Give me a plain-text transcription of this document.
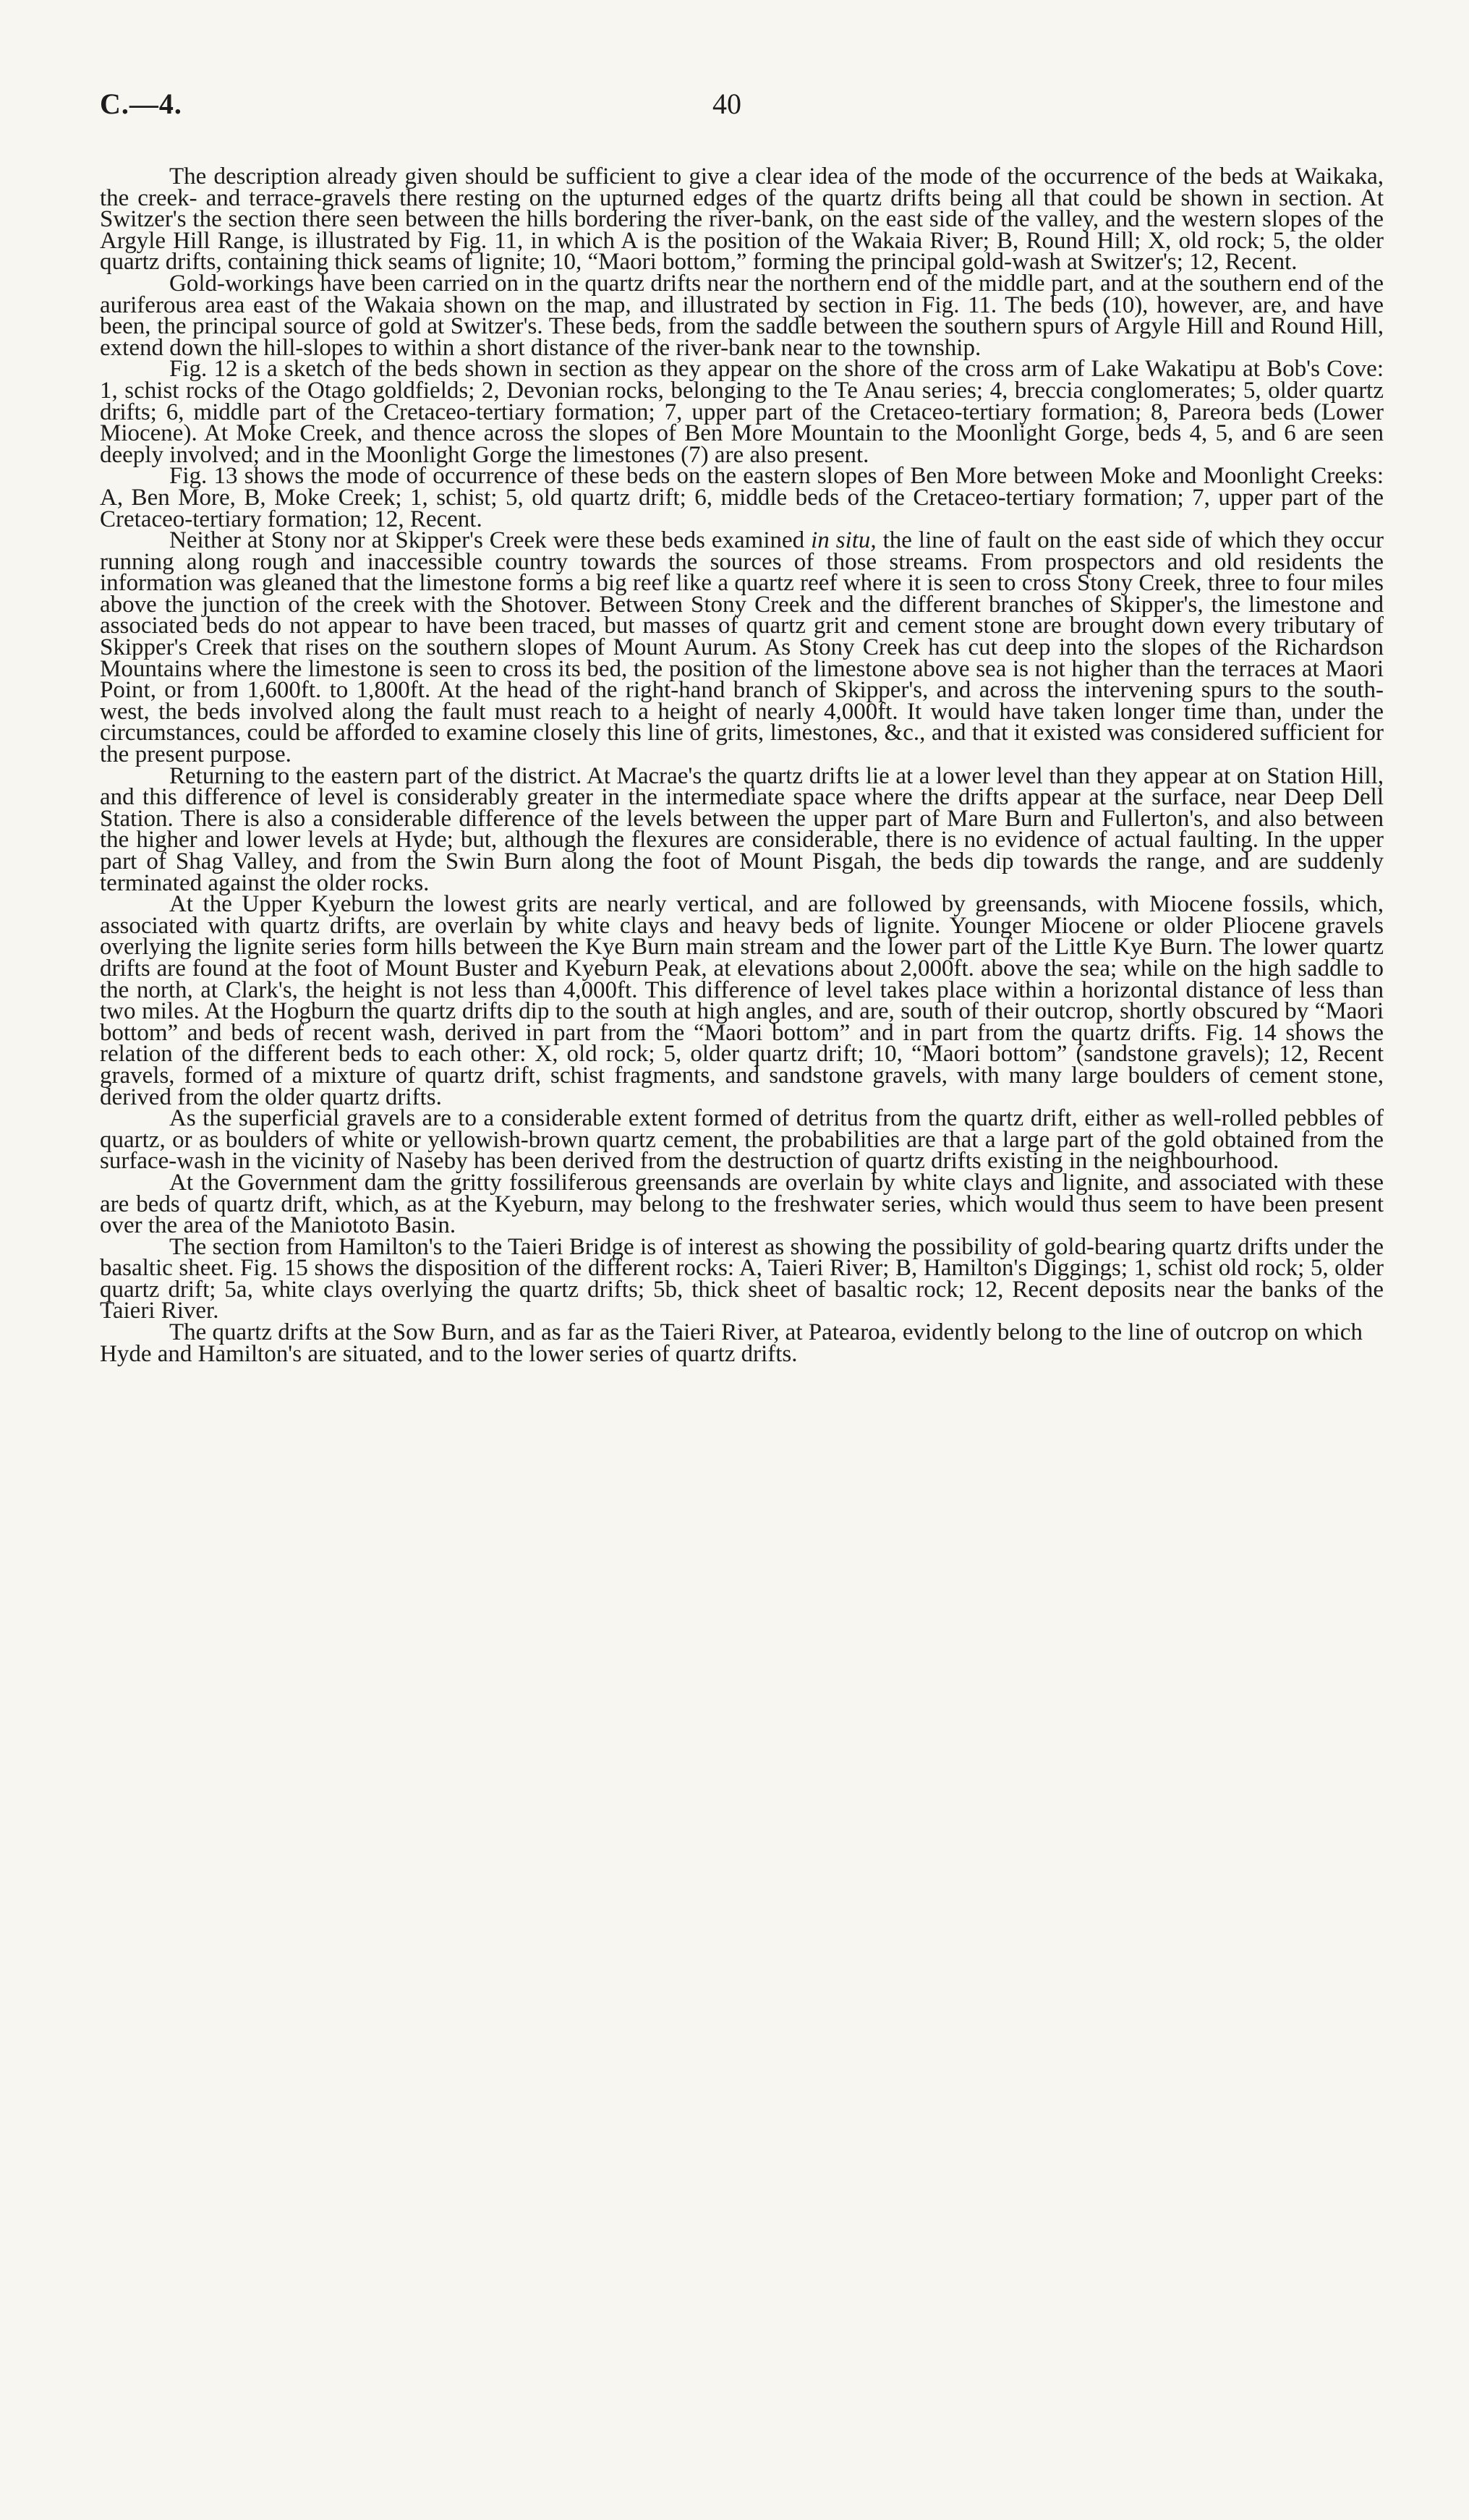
C.—4.	40

The description already given should be sufficient to give a clear idea of the mode of the occurrence of the beds at Waikaka, the creek- and terrace-gravels there resting on the upturned edges of the quartz drifts being all that could be shown in section. At Switzer's the section there seen between the hills bordering the river-bank, on the east side of the valley, and the western slopes of the Argyle Hill Range, is illustrated by Fig. 11, in which A is the position of the Wakaia River; B, Round Hill; X, old rock; 5, the older quartz drifts, containing thick seams of lignite; 10, “Maori bottom,” forming the principal gold-wash at Switzer's; 12, Recent.

Gold-workings have been carried on in the quartz drifts near the northern end of the middle part, and at the southern end of the auriferous area east of the Wakaia shown on the map, and illustrated by section in Fig. 11. The beds (10), however, are, and have been, the principal source of gold at Switzer's. These beds, from the saddle between the southern spurs of Argyle Hill and Round Hill, extend down the hill-slopes to within a short distance of the river-bank near to the township.

Fig. 12 is a sketch of the beds shown in section as they appear on the shore of the cross arm of Lake Wakatipu at Bob's Cove: 1, schist rocks of the Otago goldfields; 2, Devonian rocks, belonging to the Te Anau series; 4, breccia conglomerates; 5, older quartz drifts; 6, middle part of the Cretaceo-tertiary formation; 7, upper part of the Cretaceo-tertiary formation; 8, Pareora beds (Lower Miocene). At Moke Creek, and thence across the slopes of Ben More Mountain to the Moonlight Gorge, beds 4, 5, and 6 are seen deeply involved; and in the Moonlight Gorge the limestones (7) are also present.

Fig. 13 shows the mode of occurrence of these beds on the eastern slopes of Ben More between Moke and Moonlight Creeks: A, Ben More, B, Moke Creek; 1, schist; 5, old quartz drift; 6, middle beds of the Cretaceo-tertiary formation; 7, upper part of the Cretaceo-tertiary formation; 12, Recent.

Neither at Stony nor at Skipper's Creek were these beds examined in situ, the line of fault on the east side of which they occur running along rough and inaccessible country towards the sources of those streams. From prospectors and old residents the information was gleaned that the limestone forms a big reef like a quartz reef where it is seen to cross Stony Creek, three to four miles above the junction of the creek with the Shotover. Between Stony Creek and the different branches of Skipper's, the limestone and associated beds do not appear to have been traced, but masses of quartz grit and cement stone are brought down every tributary of Skipper's Creek that rises on the southern slopes of Mount Aurum. As Stony Creek has cut deep into the slopes of the Richardson Mountains where the limestone is seen to cross its bed, the position of the limestone above sea is not higher than the terraces at Maori Point, or from 1,600ft. to 1,800ft. At the head of the right-hand branch of Skipper's, and across the intervening spurs to the south-west, the beds involved along the fault must reach to a height of nearly 4,000ft. It would have taken longer time than, under the circumstances, could be afforded to examine closely this line of grits, limestones, &c., and that it existed was considered sufficient for the present purpose.

Returning to the eastern part of the district. At Macrae's the quartz drifts lie at a lower level than they appear at on Station Hill, and this difference of level is considerably greater in the intermediate space where the drifts appear at the surface, near Deep Dell Station. There is also a considerable difference of the levels between the upper part of Mare Burn and Fullerton's, and also between the higher and lower levels at Hyde; but, although the flexures are considerable, there is no evidence of actual faulting. In the upper part of Shag Valley, and from the Swin Burn along the foot of Mount Pisgah, the beds dip towards the range, and are suddenly terminated against the older rocks.

At the Upper Kyeburn the lowest grits are nearly vertical, and are followed by greensands, with Miocene fossils, which, associated with quartz drifts, are overlain by white clays and heavy beds of lignite. Younger Miocene or older Pliocene gravels overlying the lignite series form hills between the Kye Burn main stream and the lower part of the Little Kye Burn. The lower quartz drifts are found at the foot of Mount Buster and Kyeburn Peak, at elevations about 2,000ft. above the sea; while on the high saddle to the north, at Clark's, the height is not less than 4,000ft. This difference of level takes place within a horizontal distance of less than two miles. At the Hogburn the quartz drifts dip to the south at high angles, and are, south of their outcrop, shortly obscured by “Maori bottom” and beds of recent wash, derived in part from the “Maori bottom” and in part from the quartz drifts. Fig. 14 shows the relation of the different beds to each other: X, old rock; 5, older quartz drift; 10, “Maori bottom” (sandstone gravels); 12, Recent gravels, formed of a mixture of quartz drift, schist fragments, and sandstone gravels, with many large boulders of cement stone, derived from the older quartz drifts.

As the superficial gravels are to a considerable extent formed of detritus from the quartz drift, either as well-rolled pebbles of quartz, or as boulders of white or yellowish-brown quartz cement, the probabilities are that a large part of the gold obtained from the surface-wash in the vicinity of Naseby has been derived from the destruction of quartz drifts existing in the neighbourhood.

At the Government dam the gritty fossiliferous greensands are overlain by white clays and lignite, and associated with these are beds of quartz drift, which, as at the Kyeburn, may belong to the freshwater series, which would thus seem to have been present over the area of the Maniototo Basin.

The section from Hamilton's to the Taieri Bridge is of interest as showing the possibility of gold-bearing quartz drifts under the basaltic sheet. Fig. 15 shows the disposition of the different rocks: A, Taieri River; B, Hamilton's Diggings; 1, schist old rock; 5, older quartz drift; 5a, white clays overlying the quartz drifts; 5b, thick sheet of basaltic rock; 12, Recent deposits near the banks of the Taieri River.

The quartz drifts at the Sow Burn, and as far as the Taieri River, at Patearoa, evidently belong to the line of outcrop on which Hyde and Hamilton's are situated, and to the lower series of quartz drifts.
